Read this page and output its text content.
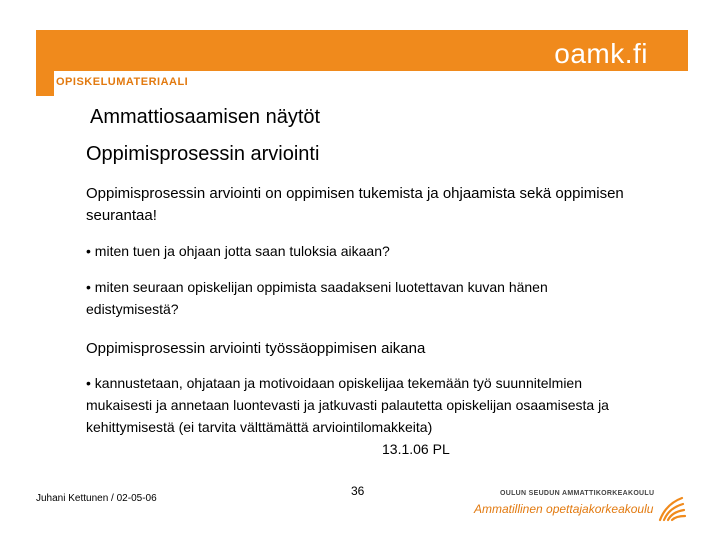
oamk.fi
OPISKELUMATERIAALI
Ammattiosaamisen näytöt
Oppimisprosessin arviointi
Oppimisprosessin arviointi on oppimisen tukemista ja ohjaamista sekä oppimisen seurantaa!
• miten tuen ja ohjaan jotta saan tuloksia aikaan?
• miten seuraan opiskelijan oppimista saadakseni luotettavan kuvan hänen edistymisestä?
Oppimisprosessin arviointi työssäoppimisen aikana
• kannustetaan, ohjataan ja motivoidaan opiskelijaa tekemään työ suunnitelmien mukaisesti ja annetaan luontevasti ja jatkuvasti palautetta opiskelijan osaamisesta ja kehittymisestä (ei tarvita välttämättä arviointilomakkeita)
13.1.06 PL
Juhani Kettunen / 02-05-06
36	OULUN SEUDUN AMMATTIKORKEAKOULU
Ammatillinen opettajakorkeakoulu
